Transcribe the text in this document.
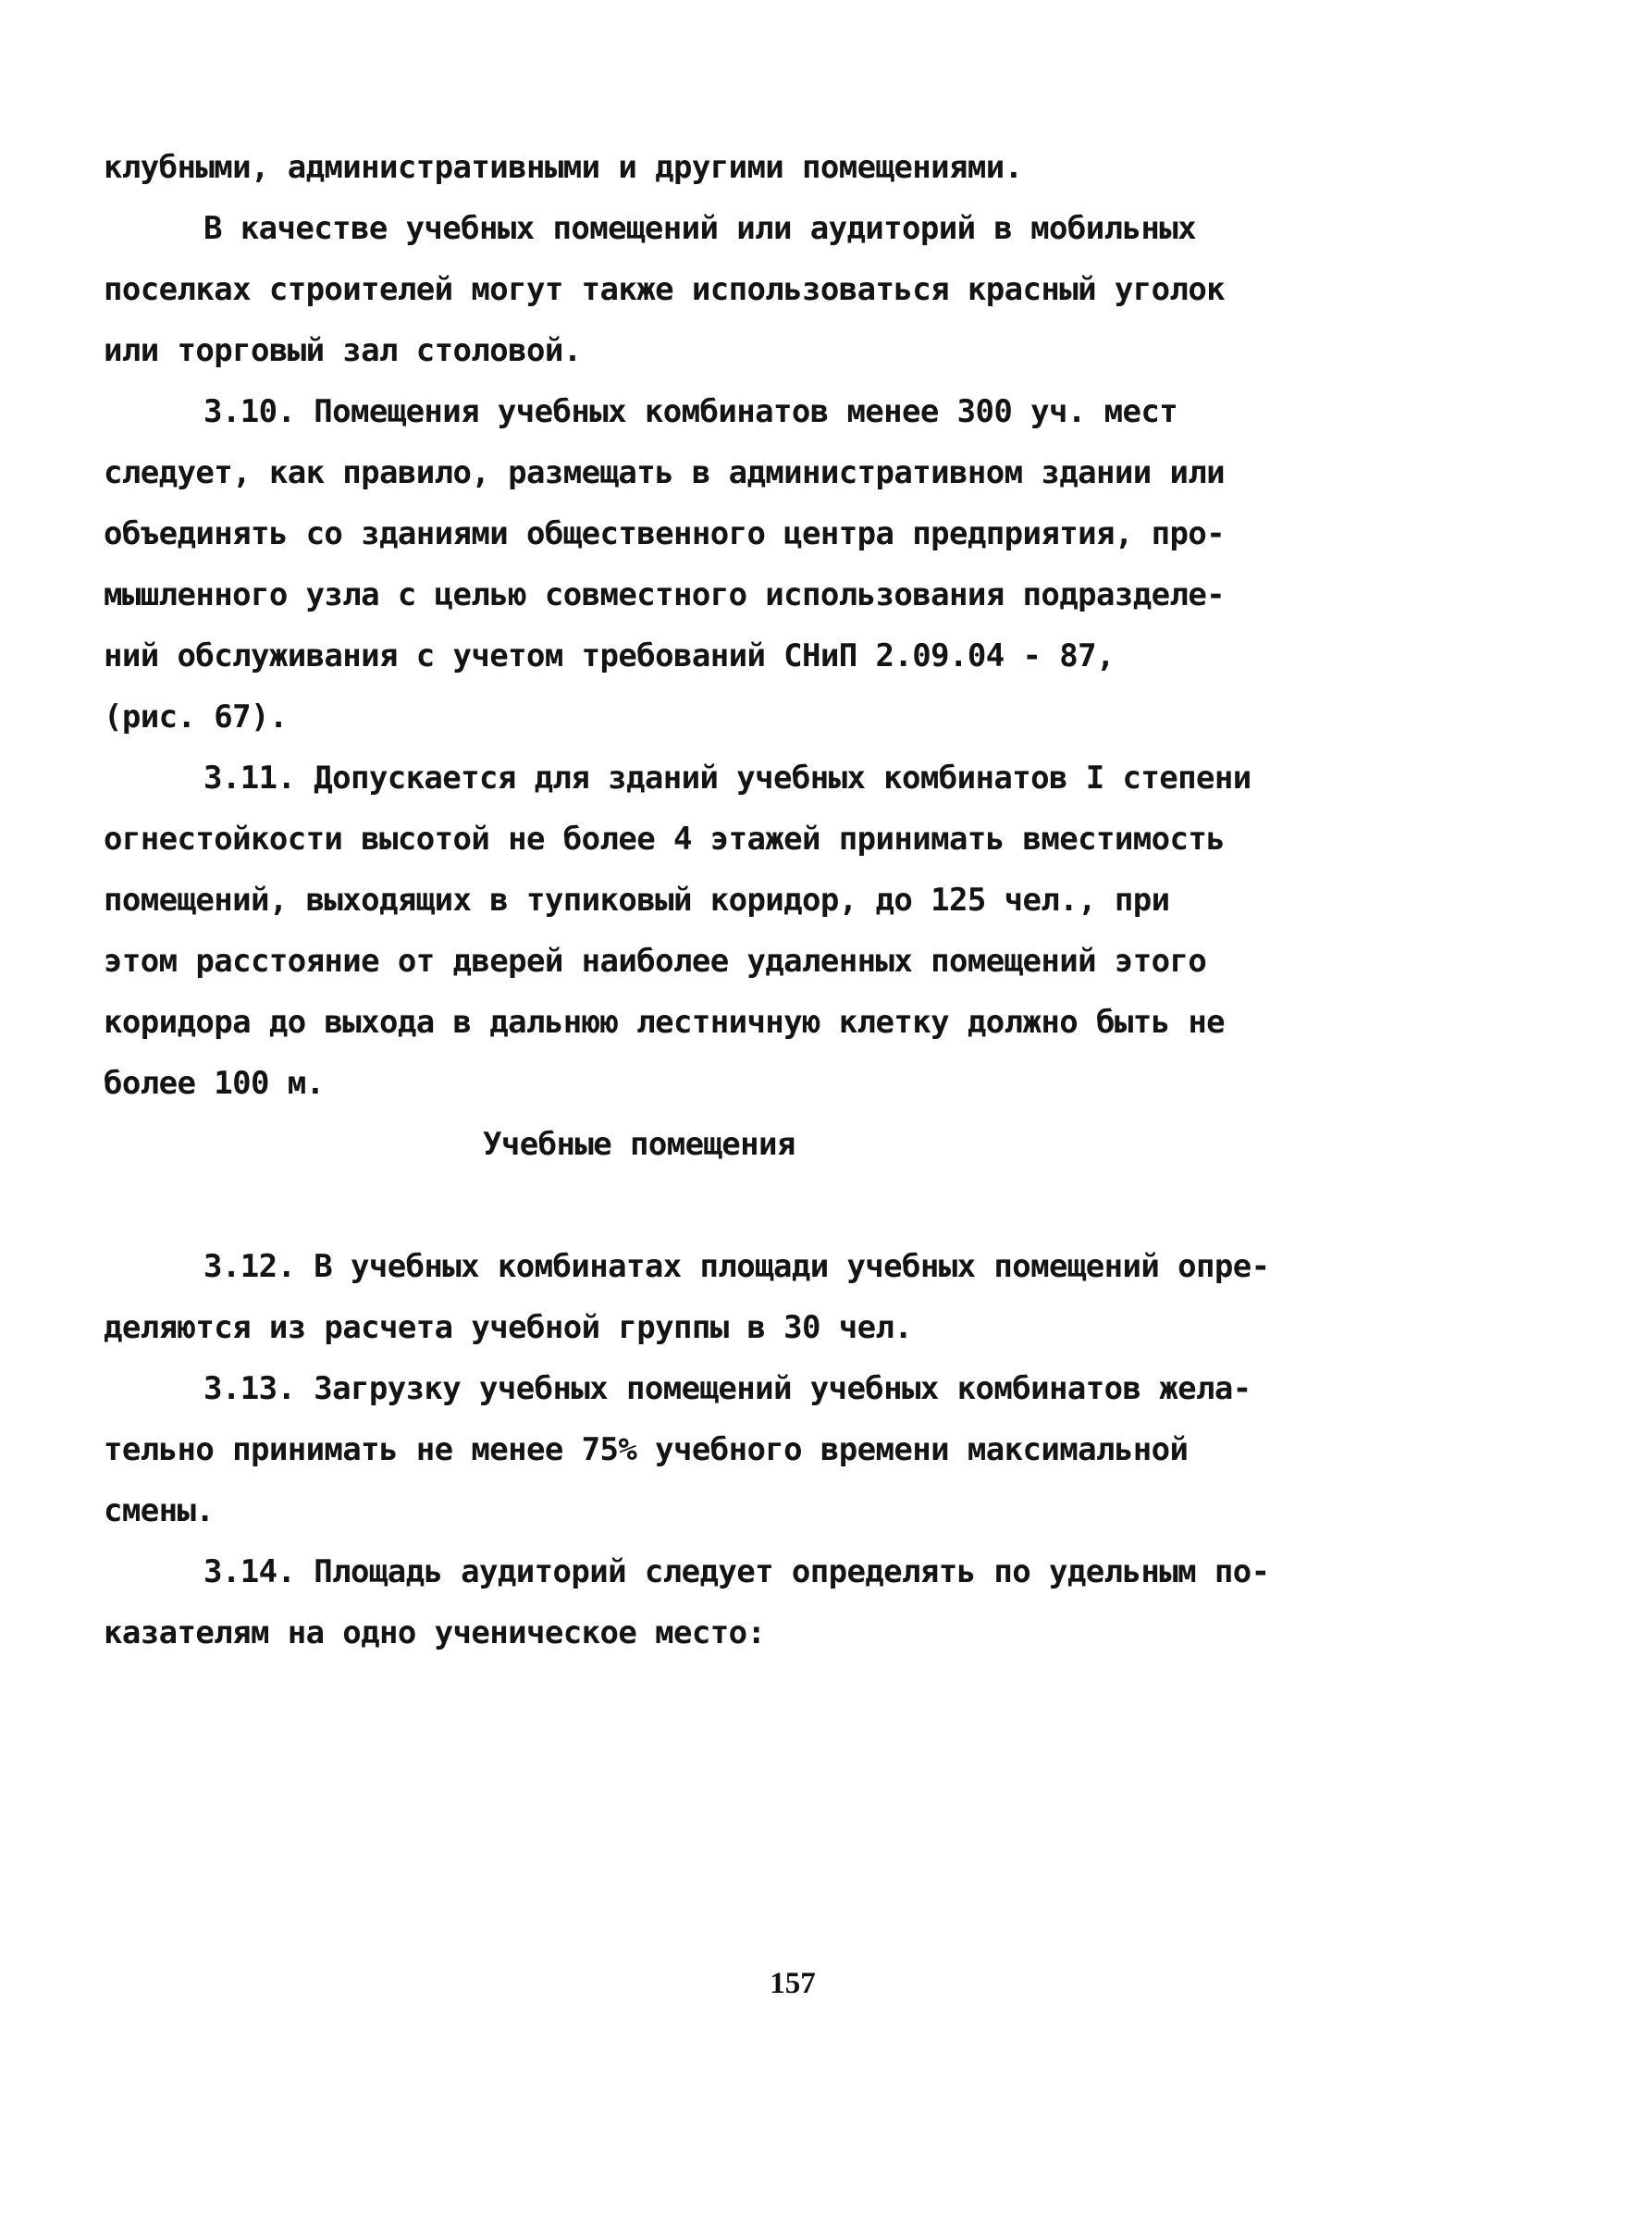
клубными, административными и другими помещениями.
В качестве учебных помещений или аудиторий в мобильных
поселках строителей могут также использоваться красный уголок
или торговый зал столовой.
3.10. Помещения учебных комбинатов менее 300 уч. мест
следует, как правило, размещать в административном здании или
объединять со зданиями общественного центра предприятия, про-
мышленного узла с целью совместного использования подразделе-
ний обслуживания с учетом требований СНиП 2.09.04 - 87,
(рис. 67).
3.11. Допускается для зданий учебных комбинатов I степени
огнестойкости высотой не более 4 этажей принимать вместимость
помещений, выходящих в тупиковый коридор, до 125 чел., при
этом расстояние от дверей наиболее удаленных помещений этого
коридора до выхода в дальнюю лестничную клетку должно быть не
более 100 м.
Учебные помещения
3.12. В учебных комбинатах площади учебных помещений опре-
деляются из расчета учебной группы в 30 чел.
3.13. Загрузку учебных помещений учебных комбинатов жела-
тельно принимать не менее 75% учебного времени максимальной
смены.
3.14. Площадь аудиторий следует определять по удельным по-
казателям на одно ученическое место:
157
